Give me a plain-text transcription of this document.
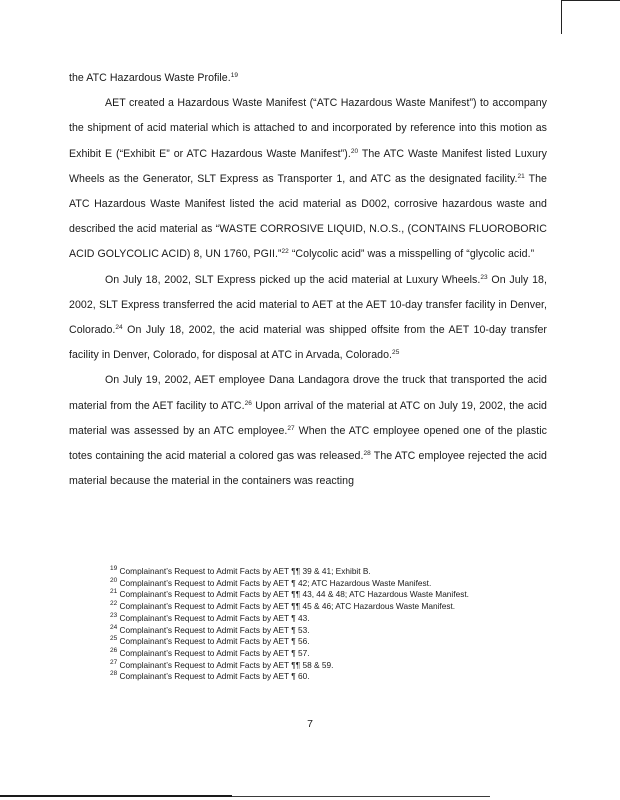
the ATC Hazardous Waste Profile.$^{19}$

AET created a Hazardous Waste Manifest (“ATC Hazardous Waste Manifest”) to accompany the shipment of acid material which is attached to and incorporated by reference into this motion as Exhibit E (“Exhibit E” or ATC Hazardous Waste Manifest”).$^{20}$ The ATC Waste Manifest listed Luxury Wheels as the Generator, SLT Express as Transporter 1, and ATC as the designated facility.$^{21}$ The ATC Hazardous Waste Manifest listed the acid material as D002, corrosive hazardous waste and described the acid material as “WASTE CORROSIVE LIQUID, N.O.S., (CONTAINS FLUOROBORIC ACID GOLYCOLIC ACID) 8, UN 1760, PGII.”$^{22}$ “Colycolic acid” was a misspelling of “glycolic acid.”

On July 18, 2002, SLT Express picked up the acid material at Luxury Wheels.$^{23}$ On July 18, 2002, SLT Express transferred the acid material to AET at the AET 10-day transfer facility in Denver, Colorado.$^{24}$ On July 18, 2002, the acid material was shipped offsite from the AET 10-day transfer facility in Denver, Colorado, for disposal at ATC in Arvada, Colorado.$^{25}$

On July 19, 2002, AET employee Dana Landagora drove the truck that transported the acid material from the AET facility to ATC.$^{26}$ Upon arrival of the material at ATC on July 19, 2002, the acid material was assessed by an ATC employee.$^{27}$ When the ATC employee opened one of the plastic totes containing the acid material a colored gas was released.$^{28}$ The ATC employee rejected the acid material because the material in the containers was reacting

$^{19}$ Complainant’s Request to Admit Facts by AET ¶¶ 39 & 41; Exhibit B.

$^{20}$ Complainant’s Request to Admit Facts by AET ¶ 42; ATC Hazardous Waste Manifest.

$^{21}$ Complainant’s Request to Admit Facts by AET ¶¶ 43, 44 & 48; ATC Hazardous Waste Manifest.

$^{22}$ Complainant’s Request to Admit Facts by AET ¶¶ 45 & 46; ATC Hazardous Waste Manifest.

$^{23}$ Complainant’s Request to Admit Facts by AET ¶ 43.

$^{24}$ Complainant’s Request to Admit Facts by AET ¶ 53.

$^{25}$ Complainant’s Request to Admit Facts by AET ¶ 56.

$^{26}$ Complainant’s Request to Admit Facts by AET ¶ 57.

$^{27}$ Complainant’s Request to Admit Facts by AET ¶¶ 58 & 59.

$^{28}$ Complainant’s Request to Admit Facts by AET ¶ 60.

7
